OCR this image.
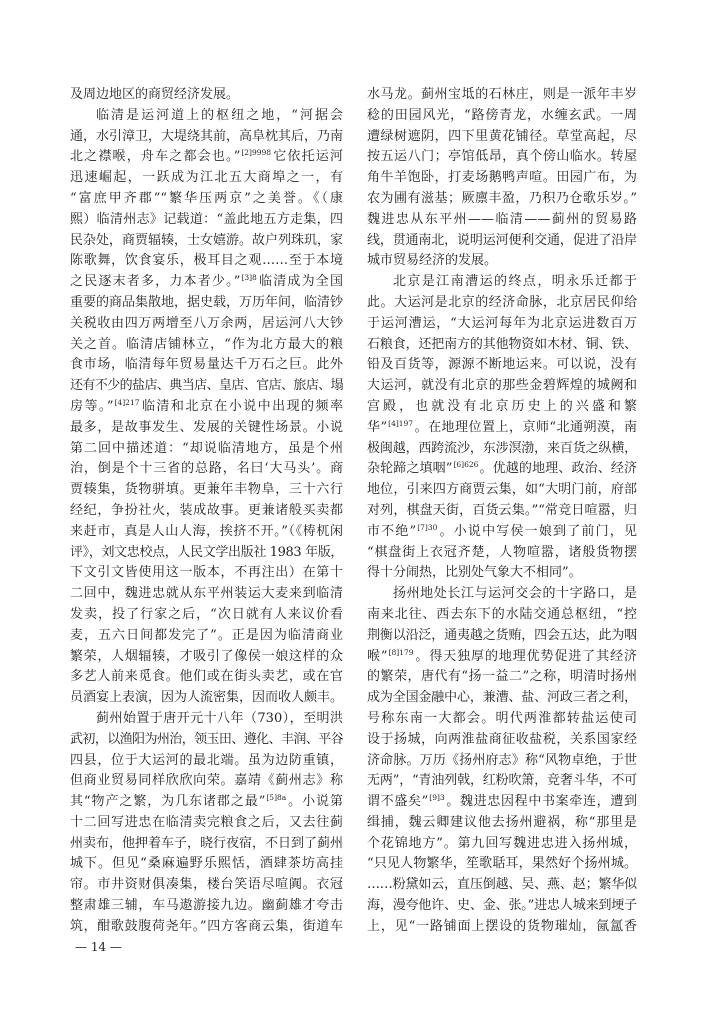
及周边地区的商贸经济发展。
临清是运河道上的枢纽之地，“河据会
通，水引漳卫，大堤绕其前，高阜枕其后，乃南
北之襟喉，舟车之都会也。”$^{[2]9998}$它依托运河
迅速崛起，一跃成为江北五大商埠之一，有
“富庶甲齐郡”“繁华压两京”之美誉。《（康
熙）临清州志》记载道：“盖此地五方走集，四
民杂处，商贾辐辏，士女嬉游。故户列珠玑，家
陈歌舞，饮食宴乐，极耳目之观……至于本境
之民逐末者多，力本者少。”$^{[3]8}$临清成为全国
重要的商品集散地，据史载，万历年间，临清钞
关税收由四万两增至八万余两，居运河八大钞
关之首。临清店铺林立，“作为北方最大的粮
食市场，临清每年贸易量达千万石之巨。此外
还有不少的盐店、典当店、皇店、官店、旅店、塌
房等。”$^{[4]217}$临清和北京在小说中出现的频率
最多，是故事发生、发展的关键性场景。小说
第二回中描述道：“却说临清地方，虽是个州
治，倒是个十三省的总路，名曰‘大马头’。商
贾辏集，货物骈填。更兼年丰物阜，三十六行
经纪，争扮社火，装成故事。更兼诸般买卖都
来赶市，真是人山人海，挨挤不开。”（《梼杌闲
评》，刘文忠校点，人民文学出版社 1983 年版，
下文引文皆使用这一版本，不再注出）在第十
二回中，魏进忠就从东平州装运大麦来到临清
发卖，投了行家之后，“次日就有人来议价看
麦，五六日间都发完了”。正是因为临清商业
繁荣，人烟辐辏，才吸引了像侯一娘这样的众
多艺人前来觅食。他们或在街头卖艺，或在官
员酒宴上表演，因为人流密集，因而收人颇丰。
蓟州始置于唐开元十八年（730），至明洪
武初，以渔阳为州治，领玉田、遵化、丰润、平谷
四县，位于大运河的最北端。虽为边防重镇，
但商业贸易同样欣欣向荣。嘉靖《蓟州志》称
其“物产之繁，为几东诸郡之最”$^{[5]8a}$。小说第
十二回写进忠在临清卖完粮食之后，又去往蓟
州卖布，他押着车子，晓行夜宿，不日到了蓟州
城下。但见“桑麻遍野乐熙恬，酒肆茶坊高挂
帘。市井资财俱凑集，楼台笑语尽喧阗。衣冠
整肃雄三辅，车马遨游接九边。幽蓟雄才夸击
筑，酣歌鼓腹荷尧年。”四方客商云集，街道车
水马龙。蓟州宝坻的石林庄，则是一派年丰岁
稔的田园风光，“路傍青龙，水缠玄武。一周
遭绿树遮阴，四下里黄花铺径。草堂高起，尽
按五运八门；亭馆低昂，真个傍山临水。转屋
角牛羊饱卧，打麦场鹅鸭声喧。田园广布，为
农为圃有滋基；厥廪丰盈，乃积乃仓歌乐岁。”
魏进忠从东平州——临清——蓟州的贸易路
线，贯通南北，说明运河便利交通，促进了沿岸
城市贸易经济的发展。
北京是江南漕运的终点，明永乐迁都于
此。大运河是北京的经济命脉，北京居民仰给
于运河漕运，“大运河每年为北京运进数百万
石粮食，还把南方的其他物资如木材、铜、铁、
铅及百货等，源源不断地运来。可以说，没有
大运河，就没有北京的那些金碧辉煌的城阙和
宫殿，也就没有北京历史上的兴盛和繁
华”$^{[4]197}$。在地理位置上，京师“北通朔漠，南
极闽越，西跨流沙，东涉溟渤，来百货之纵横，
杂轮蹄之填咽”$^{[6]626}$。优越的地理、政治、经济
地位，引来四方商贾云集，如“大明门前，府部
对列，棋盘天街，百货云集。”“常竞日喧嚣，归
市不绝”$^{[7]30}$。小说中写侯一娘到了前门，见
“棋盘街上衣冠齐楚，人物喧嚣，诸般货物摆
得十分闹热，比别处气象大不相同”。
扬州地处长江与运河交会的十字路口，是
南来北往、西去东下的水陆交通总枢纽，“控
荆衡以沿泛，通夷越之货贿，四会五达，此为咽
喉”$^{[8]179}$。得天独厚的地理优势促进了其经济
的繁荣，唐代有“扬一益二”之称，明清时扬州
成为全国金融中心，兼漕、盐、河政三者之利，
号称东南一大都会。明代两淮都转盐运使司
设于扬城，向两淮盐商征收盐税，关系国家经
济命脉。万历《扬州府志》称“风物卓绝，于世
无两”，“青油列戟，红粉吹箫，竞奢斗华，不可
谓不盛矣”$^{[9]3}$。魏进忠因程中书案牵连，遭到
缉捕，魏云卿建议他去扬州避祸，称“那里是
个花锦地方”。第九回写魏进忠进入扬州城，
“只见人物繁华，笙歌聒耳，果然好个扬州城。
……粉黛如云，直压倒越、吴、燕、赵；繁华似
海，漫夸他许、史、金、张。”进忠人城来到埂子
上，见“一路铺面上摆设的货物璀灿，氤氲香
— 14 —
